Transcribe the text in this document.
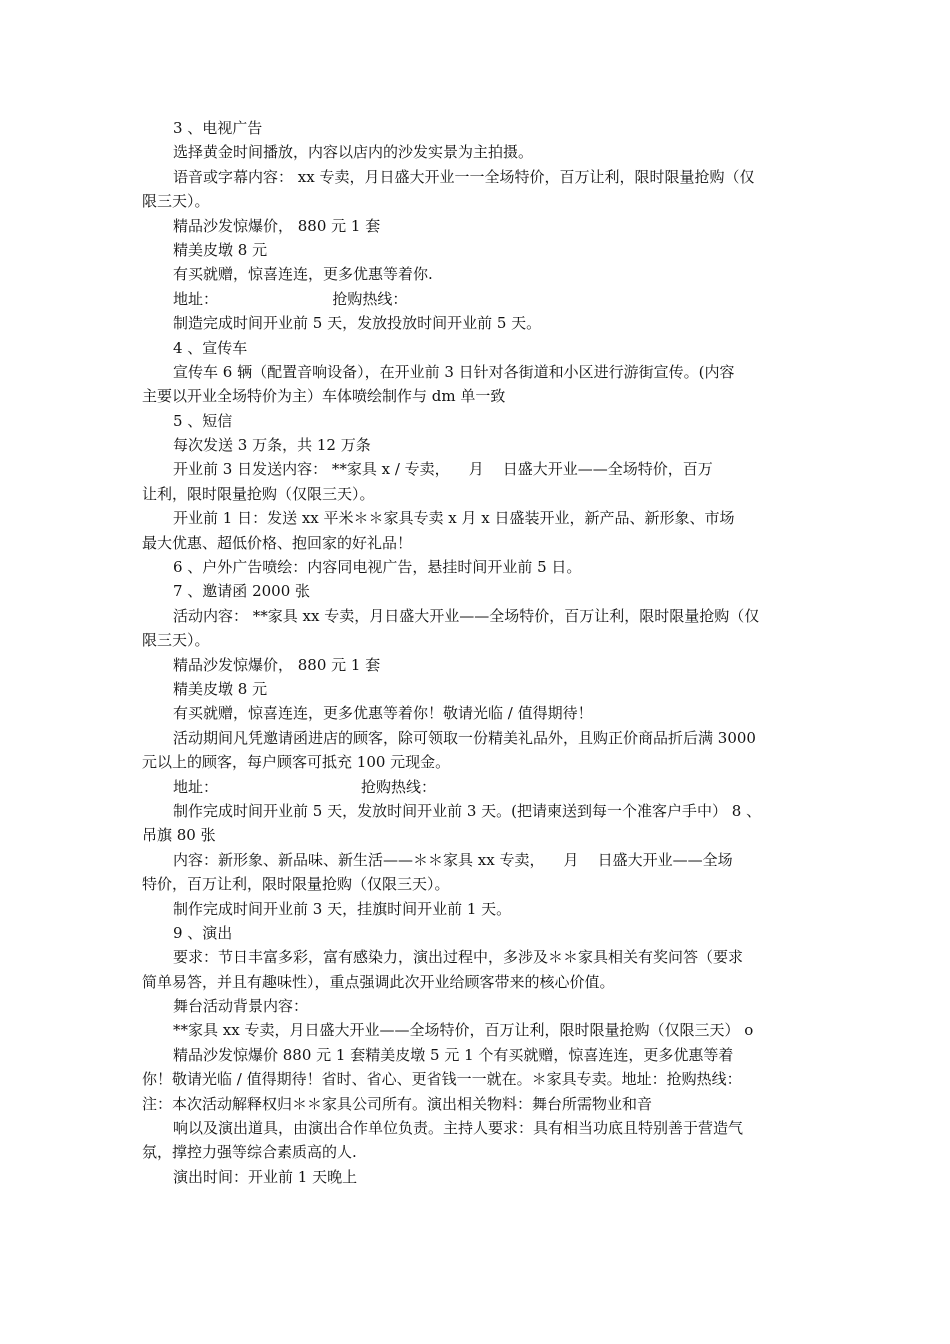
3 、电视广告
选择黄金时间播放，内容以店内的沙发实景为主拍摄。
语音或字幕内容： xx 专卖，月日盛大开业一一全场特价，百万让利，限时限量抢购（仅
限三天）。
精品沙发惊爆价， 880 元 1 套
精美皮墩 8 元
有买就赠，惊喜连连，更多优惠等着你.
地址：                        抢购热线：
制造完成时间开业前 5 天，发放投放时间开业前 5 天。
4 、宣传车
宣传车 6 辆（配置音响设备），在开业前 3 日针对各街道和小区进行游街宣传。(内容
主要以开业全场特价为主）车体喷绘制作与 dm 单一致
5 、短信
每次发送 3 万条，共 12 万条
开业前 3 日发送内容： **家具 x / 专卖，    月    日盛大开业——全场特价，百万
让利，限时限量抢购（仅限三天）。
开业前 1 日：发送 xx 平米＊＊家具专卖 x 月 x 日盛装开业，新产品、新形象、市场
最大优惠、超低价格、抱回家的好礼品！
6 、户外广告喷绘：内容同电视广告，悬挂时间开业前 5 日。
7 、邀请函 2000 张
活动内容： **家具 xx 专卖，月日盛大开业——全场特价，百万让利，限时限量抢购（仅
限三天）。
精品沙发惊爆价， 880 元 1 套
精美皮墩 8 元
有买就赠，惊喜连连，更多优惠等着你！敬请光临 / 值得期待！
活动期间凡凭邀请函进店的顾客，除可领取一份精美礼品外，且购正价商品折后满 3000
元以上的顾客，每户顾客可抵充 100 元现金。
地址：                              抢购热线：
制作完成时间开业前 5 天，发放时间开业前 3 天。(把请柬送到每一个准客户手中） 8 、
吊旗 80 张
内容：新形象、新品味、新生活——＊＊家具 xx 专卖，    月    日盛大开业——全场
特价，百万让利，限时限量抢购（仅限三天）。
制作完成时间开业前 3 天，挂旗时间开业前 1 天。
9 、演出
要求：节日丰富多彩，富有感染力，演出过程中，多涉及＊＊家具相关有奖问答（要求
简单易答，并且有趣味性），重点强调此次开业给顾客带来的核心价值。
舞台活动背景内容：
**家具 xx 专卖，月日盛大开业——全场特价，百万让利，限时限量抢购（仅限三天） o
精品沙发惊爆价 880 元 1 套精美皮墩 5 元 1 个有买就赠，惊喜连连，更多优惠等着
你！敬请光临 / 值得期待！省时、省心、更省钱一一就在。＊家具专卖。地址：抢购热线：
注：本次活动解释权归＊＊家具公司所有。演出相关物料：舞台所需物业和音
响以及演出道具，由演出合作单位负责。主持人要求：具有相当功底且特别善于营造气
氛，撑控力强等综合素质高的人.
演出时间：开业前 1 天晚上
